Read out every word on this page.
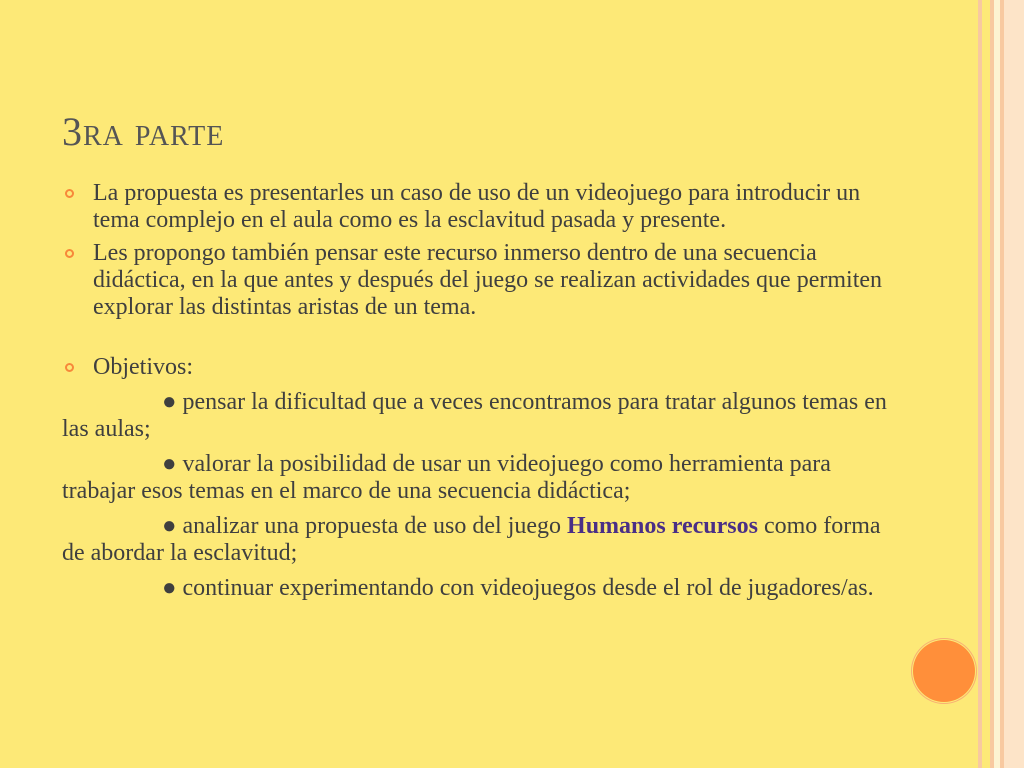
3ra parte
La propuesta es presentarles un caso de uso de un videojuego para introducir un tema complejo en el aula como es la esclavitud pasada y presente.
Les propongo también pensar este recurso inmerso dentro de una secuencia didáctica, en la que antes y después del juego se realizan actividades que permiten explorar las distintas aristas de un tema.
Objetivos:
● pensar la dificultad que a veces encontramos para tratar algunos temas en las aulas;
● valorar la posibilidad de usar un videojuego como herramienta para trabajar esos temas en el marco de una secuencia didáctica;
● analizar una propuesta de uso del juego Humanos recursos como forma de abordar la esclavitud;
● continuar experimentando con videojuegos desde el rol de jugadores/as.
